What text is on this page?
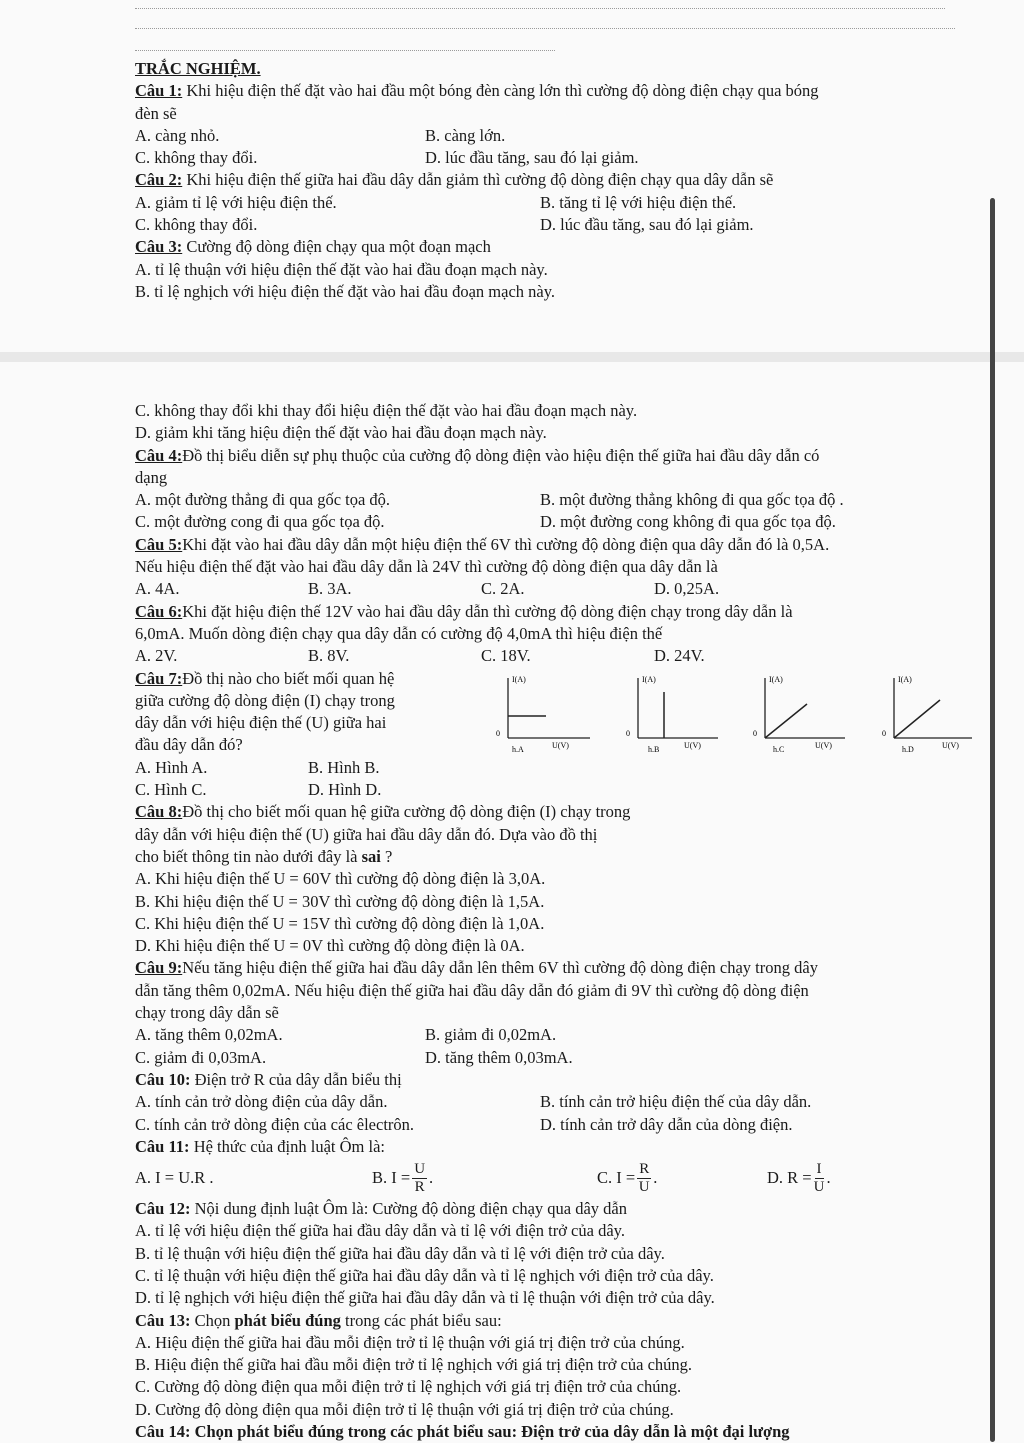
TRẮC NGHIỆM.

Câu 1: Khi hiệu điện thế đặt vào hai đầu một bóng đèn càng lớn thì cường độ dòng điện chạy qua bóng

đèn sẽ

A. càng nhỏ.	B. càng lớn.
C. không thay đổi.	D. lúc đầu tăng, sau đó lại giảm.

Câu 2: Khi hiệu điện thế giữa hai đầu dây dẫn giảm thì cường độ dòng điện chạy qua dây dẫn sẽ

A. giảm tỉ lệ với hiệu điện thế.	B. tăng tỉ lệ với hiệu điện thế.
C. không thay đổi.	D. lúc đầu tăng, sau đó lại giảm.

Câu 3: Cường độ dòng điện chạy qua một đoạn mạch

A. tỉ lệ thuận với hiệu điện thế đặt vào hai đầu đoạn mạch này.

B. tỉ lệ nghịch với hiệu điện thế đặt vào hai đầu đoạn mạch này.

C. không thay đổi khi thay đổi hiệu điện thế đặt vào hai đầu đoạn mạch này.

D. giảm khi tăng hiệu điện thế đặt vào hai đầu đoạn mạch này.

Câu 4:Đồ thị biểu diễn sự phụ thuộc của cường độ dòng điện vào hiệu điện thế giữa hai đầu dây dẫn có

dạng

A. một đường thẳng đi qua gốc tọa độ.	B. một đường thẳng không đi qua gốc tọa độ .
C. một đường cong đi qua gốc tọa độ.	D. một đường cong không đi qua gốc tọa độ.

Câu 5:Khi đặt vào hai đầu dây dẫn một hiệu điện thế 6V thì cường độ dòng điện qua dây dẫn đó là 0,5A.

Nếu hiệu điện thế đặt vào hai đầu dây dẫn là 24V thì cường độ dòng điện qua dây dẫn là

A. 4A.	B. 3A.	C. 2A.	D. 0,25A.

Câu 6:Khi đặt hiệu điện thế 12V vào hai đầu dây dẫn thì cường độ dòng điện chạy trong dây dẫn là

6,0mA. Muốn dòng điện chạy qua dây dẫn có cường độ 4,0mA thì hiệu điện thế

A. 2V.	B. 8V.	C. 18V.	D. 24V.

Câu 7:Đồ thị nào cho biết mối quan hệ

giữa cường độ dòng điện (I) chạy trong

dây dẫn với hiệu điện thế (U) giữa hai

đầu dây dẫn đó?

A. Hình A.	B. Hình B.
C. Hình C.	D. Hình D.

Câu 8:Đồ thị cho biết mối quan hệ giữa cường độ dòng điện (I) chạy trong

dây dẫn với hiệu điện thế (U) giữa hai đầu dây dẫn đó. Dựa vào đồ thị

cho biết thông tin nào dưới đây là sai ?

A. Khi hiệu điện thế U = 60V thì cường độ dòng điện là 3,0A.

B. Khi hiệu điện thế U = 30V thì cường độ dòng điện là 1,5A.

C. Khi hiệu điện thế U = 15V thì cường độ dòng điện là 1,0A.

D. Khi hiệu điện thế U = 0V thì cường độ dòng điện là 0A.

Câu 9:Nếu tăng hiệu điện thế giữa hai đầu dây dẫn lên thêm 6V thì cường độ dòng điện chạy trong dây

dẫn tăng thêm 0,02mA. Nếu hiệu điện thế giữa hai đầu dây dẫn đó giảm đi 9V thì cường độ dòng điện

chạy trong dây dẫn sẽ

A. tăng thêm 0,02mA.	B. giảm đi 0,02mA.
C. giảm đi 0,03mA.	D. tăng thêm 0,03mA.

Câu 10: Điện trở R của dây dẫn biểu thị

A. tính cản trở dòng điện của dây dẫn.	B. tính cản trở hiệu điện thế của dây dẫn.
C. tính cản trở dòng điện của các êlectrôn.	D. tính cản trở dây dẫn của dòng điện.

Câu 11: Hệ thức của định luật Ôm là:

A. I = U.R .	B. $I = \frac{U}{R}$ .	C. $I = \frac{R}{U}$ .	D. $R = \frac{I}{U}$ .

Câu 12: Nội dung định luật Ôm là: Cường độ dòng điện chạy qua dây dẫn

A. tỉ lệ với hiệu điện thế giữa hai đầu dây dẫn và tỉ lệ với điện trở của dây.

B. tỉ lệ thuận với hiệu điện thế giữa hai đầu dây dẫn và tỉ lệ với điện trở của dây.

C. tỉ lệ thuận với hiệu điện thế giữa hai đầu dây dẫn và tỉ lệ nghịch với điện trở của dây.

D. tỉ lệ nghịch với hiệu điện thế giữa hai đầu dây dẫn và tỉ lệ thuận với điện trở của dây.

Câu 13: Chọn phát biểu đúng trong các phát biểu sau:

A. Hiệu điện thế giữa hai đầu mỗi điện trở tỉ lệ thuận với giá trị điện trở của chúng.

B. Hiệu điện thế giữa hai đầu mỗi điện trở tỉ lệ nghịch với giá trị điện trở của chúng.

C. Cường độ dòng điện qua mỗi điện trở tỉ lệ nghịch với giá trị điện trở của chúng.

D. Cường độ dòng điện qua mỗi điện trở tỉ lệ thuận với giá trị điện trở của chúng.

Câu 14: Chọn phát biểu đúng trong các phát biểu sau: Điện trở của dây dẫn là một đại lượng

I(A)
0
U(V)
h.A
I(A)
0
U(V)
h.B
I(A)
0
U(V)
h.C
I(A)
0
U(V)
h.D
